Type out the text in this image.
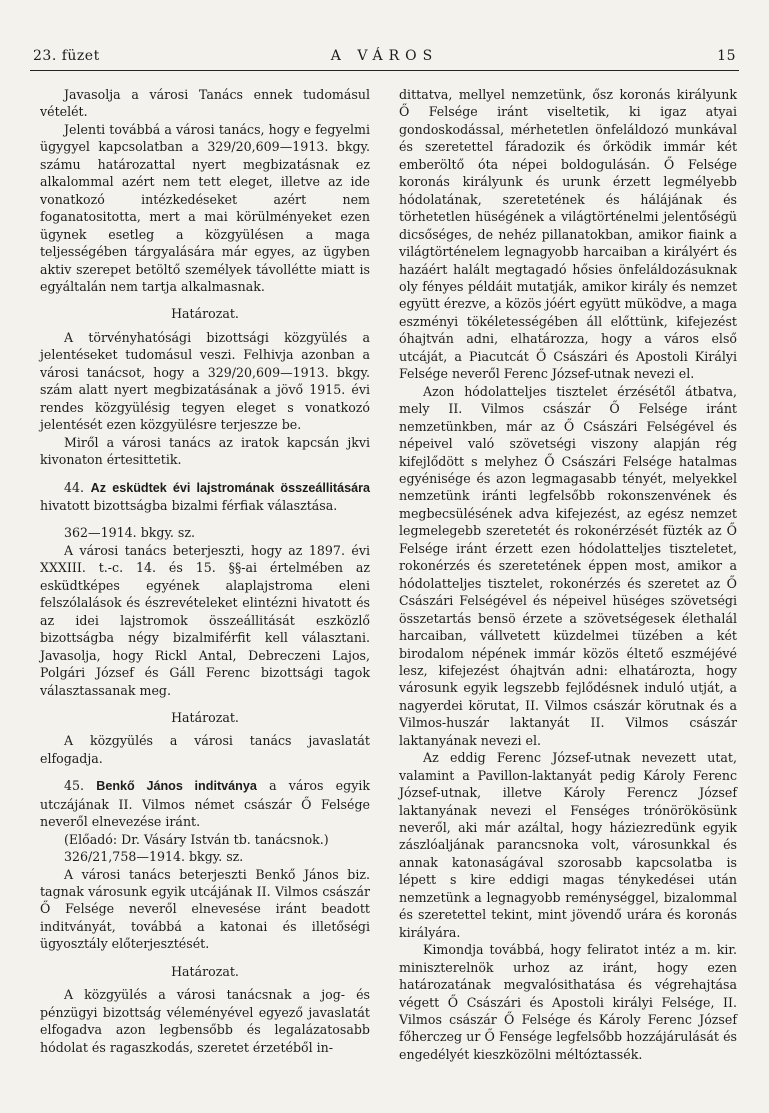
23. füzet	A VÁROS	15

Javasolja a városi Tanács ennek tudomásul vételét.

Jelenti továbbá a városi tanács, hogy e fegyelmi ügygyel kapcsolatban a 329/20,609—1913. bkgy. számu határozattal nyert megbizatásnak ez alkalommal azért nem tett eleget, illetve az ide vonatkozó intézkedéseket azért nem foganatositotta, mert a mai körülményeket ezen ügynek esetleg a közgyülésen a maga teljességében tárgyalására már egyes, az ügyben aktiv szerepet betöltő személyek távollétte miatt is egyáltalán nem tartja alkalmasnak.

Határozat.

A törvényhatósági bizottsági közgyülés a jelentéseket tudomásul veszi. Felhivja azonban a városi tanácsot, hogy a 329/20,609—1913. bkgy. szám alatt nyert megbizatásának a jövő 1915. évi rendes közgyülésig tegyen eleget s vonatkozó jelentését ezen közgyülésre terjeszze be.

Miről a városi tanács az iratok kapcsán jkvi kivonaton értesittetik.

44. Az esküdtek évi lajstromának összeállitására hivatott bizottságba bizalmi férfiak választása.

362—1914. bkgy. sz.

A városi tanács beterjeszti, hogy az 1897. évi XXXIII. t.-c. 14. és 15. §§-ai értelmében az esküdtképes egyének alaplajstroma eleni felszólalások és észrevételeket elintézni hivatott és az idei lajstromok összeállitását eszközlő bizottságba négy bizalmiférfit kell választani. Javasolja, hogy Rickl Antal, Debreczeni Lajos, Polgári József és Gáll Ferenc bizottsági tagok választassanak meg.

Határozat.

A közgyülés a városi tanács javaslatát elfogadja.

45. Benkő János inditványa a város egyik utczájának II. Vilmos német császár Ő Felsége neveről elnevezése iránt.

(Előadó: Dr. Vásáry István tb. tanácsnok.)

326/21,758—1914. bkgy. sz.

A városi tanács beterjeszti Benkő János biz. tagnak városunk egyik utcájának II. Vilmos császár Ő Felsége neveről elnevesése iránt beadott inditványát, továbbá a katonai és illetőségi ügyosztály előterjesztését.

Határozat.

A közgyülés a városi tanácsnak a jog- és pénzügyi bizottság véleményével egyező javaslatát elfogadva azon legbensőbb és legalázatosabb hódolat és ragaszkodás, szeretet érzetéből in-

dittatva, mellyel nemzetünk, ősz koronás királyunk Ő Felsége iránt viseltetik, ki igaz atyai gondoskodással, mérhetetlen önfeláldozó munkával és szeretettel fáradozik és őrködik immár két emberöltő óta népei boldogulásán. Ő Felsége koronás királyunk és urunk érzett legmélyebb hódolatának, szeretetének és hálájának és törhetetlen hüségének a világtörténelmi jelentőségü dicsőséges, de nehéz pillanatokban, amikor fiaink a világtörténelem legnagyobb harcaiban a királyért és hazáért halált megtagadó hősies önfeláldozásuknak oly fényes példáit mutatják, amikor király és nemzet együtt érezve, a közös jóért együtt müködve, a maga eszményi tökéletességében áll előttünk, kifejezést óhajtván adni, elhatározza, hogy a város első utcáját, a Piacutcát Ő Császári és Apostoli Királyi Felsége neveről Ferenc József-utnak nevezi el.

Azon hódolatteljes tisztelet érzésétől átbatva, mely II. Vilmos császár Ő Felsége iránt nemzetünkben, már az Ő Császári Felségével és népeivel való szövetségi viszony alapján rég kifejlődött s melyhez Ő Császári Felsége hatalmas egyénisége és azon legmagasabb tényét, melyekkel nemzetünk iránti legfelsőbb rokonszenvének és megbecsülésének adva kifejezést, az egész nemzet legmelegebb szeretetét és rokonérzését füzték az Ő Felsége iránt érzett ezen hódolatteljes tiszteletet, rokonérzés és szeretetének éppen most, amikor a hódolatteljes tisztelet, rokonérzés és szeretet az Ő Császári Felségével és népeivel hüséges szövetségi összetartás bensö érzete a szövetségesek élethalál harcaiban, vállvetett küzdelmei tüzében a két birodalom népének immár közös éltető eszméjévé lesz, kifejezést óhajtván adni: elhatározta, hogy városunk egyik legszebb fejlődésnek induló utját, a nagyerdei körutat, II. Vilmos császár körutnak és a Vilmos-huszár laktanyát II. Vilmos császár laktanyának nevezi el.

Az eddig Ferenc József-utnak nevezett utat, valamint a Pavillon-laktanyát pedig Károly Ferenc József-utnak, illetve Károly Ferencz József laktanyának nevezi el Fenséges trónörökösünk neveről, aki már azáltal, hogy háziezredünk egyik zászlóaljának parancsnoka volt, városunkkal és annak katonaságával szorosabb kapcsolatba is lépett s kire eddigi magas ténykedései után nemzetünk a legnagyobb reménységgel, bizalommal és szeretettel tekint, mint jövendő urára és koronás királyára.

Kimondja továbbá, hogy feliratot intéz a m. kir. miniszterelnök urhoz az iránt, hogy ezen határozatának megvalósithatása és végrehajtása végett Ő Császári és Apostoli királyi Felsége, II. Vilmos császár Ő Felsége és Károly Ferenc József főherczeg ur Ő Fensége legfelsőbb hozzájárulását és engedélyét kieszközölni méltóztassék.
